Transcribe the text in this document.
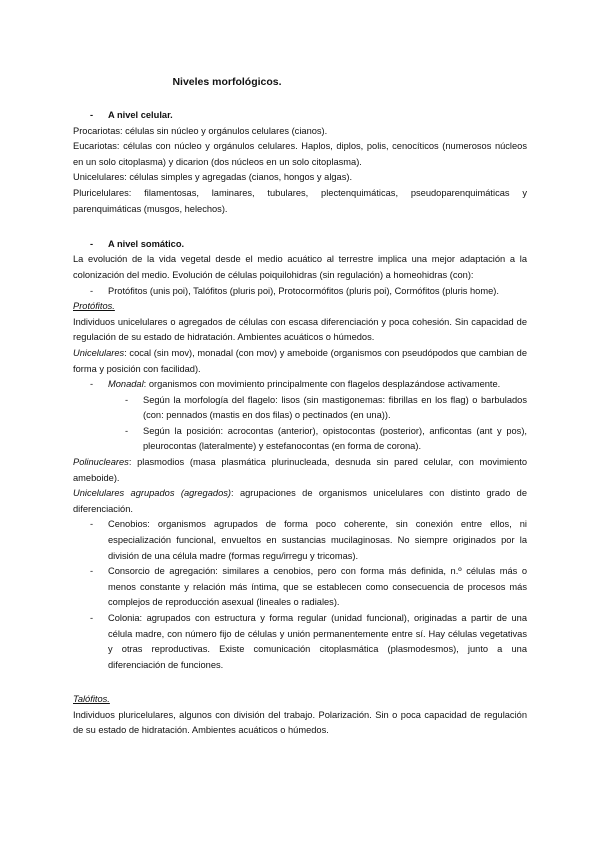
Niveles morfológicos.
- A nivel celular.
Procariotas: células sin núcleo y orgánulos celulares (cianos).
Eucariotas: células con núcleo y orgánulos celulares. Haplos, diplos, polis, cenocíticos (numerosos núcleos en un solo citoplasma) y dicarion (dos núcleos en un solo citoplasma).
Unicelulares: células simples y agregadas (cianos, hongos y algas).
Pluricelulares: filamentosas, laminares, tubulares, plectenquimáticas, pseudoparenquimáticas y parenquimáticas (musgos, helechos).
- A nivel somático.
La evolución de la vida vegetal desde el medio acuático al terrestre implica una mejor adaptación a la colonización del medio. Evolución de células poiquilohidras (sin regulación) a homeohidras (con):
- Protófitos (unis poi), Talófitos (pluris poi), Protocormófitos (pluris poi), Cormófitos (pluris home).
Protófitos.
Individuos unicelulares o agregados de células con escasa diferenciación y poca cohesión. Sin capacidad de regulación de su estado de hidratación. Ambientes acuáticos o húmedos.
Unicelulares: cocal (sin mov), monadal (con mov) y ameboide (organismos con pseudópodos que cambian de forma y posición con facilidad).
- Monadal: organismos con movimiento principalmente con flagelos desplazándose activamente.
- Según la morfología del flagelo: lisos (sin mastigonemas: fibrillas en los flag) o barbulados (con: pennados (mastis en dos filas) o pectinados (en una)).
- Según la posición: acrocontas (anterior), opistocontas (posterior), anficontas (ant y pos), pleurocontas (lateralmente) y estefanocontas (en forma de corona).
Polinucleares: plasmodios (masa plasmática plurinucleada, desnuda sin pared celular, con movimiento ameboide).
Unicelulares agrupados (agregados): agrupaciones de organismos unicelulares con distinto grado de diferenciación.
- Cenobios: organismos agrupados de forma poco coherente, sin conexión entre ellos, ni especialización funcional, envueltos en sustancias mucilaginosas. No siempre originados por la división de una célula madre (formas regu/irregu y tricomas).
- Consorcio de agregación: similares a cenobios, pero con forma más definida, n.º células más o menos constante y relación más íntima, que se establecen como consecuencia de procesos más complejos de reproducción asexual (lineales o radiales).
- Colonia: agrupados con estructura y forma regular (unidad funcional), originadas a partir de una célula madre, con número fijo de células y unión permanentemente entre sí. Hay células vegetativas y otras reproductivas. Existe comunicación citoplasmática (plasmodesmos), junto a una diferenciación de funciones.
Talófitos.
Individuos pluricelulares, algunos con división del trabajo. Polarización. Sin o poca capacidad de regulación de su estado de hidratación. Ambientes acuáticos o húmedos.
